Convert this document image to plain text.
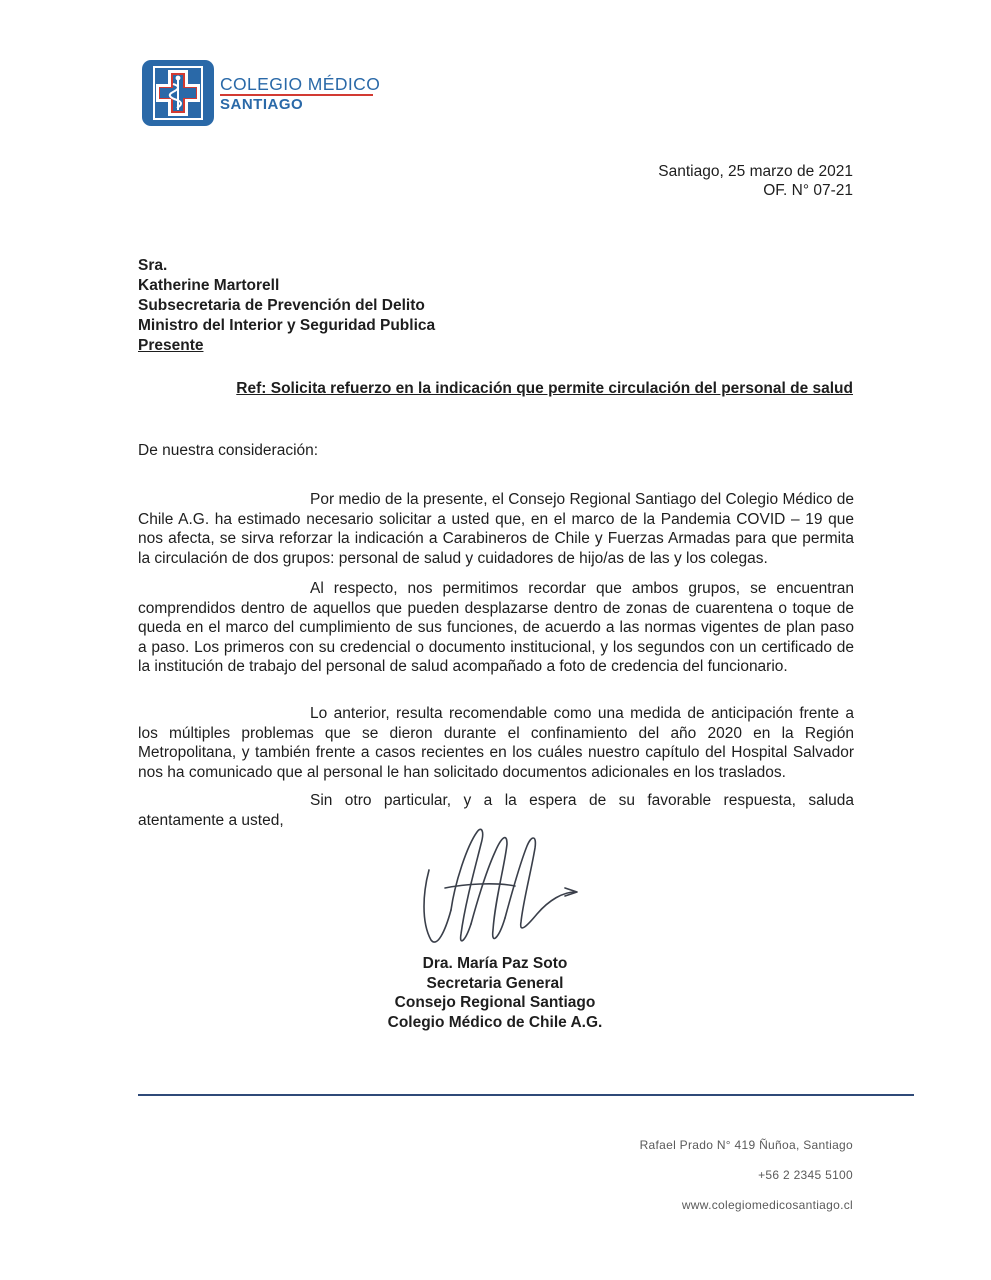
COLEGIO MÉDICO
SANTIAGO
Santiago, 25 marzo de 2021
OF. N° 07-21
Sra.
Katherine Martorell
Subsecretaria de Prevención del Delito
Ministro del Interior y Seguridad Publica
Presente
Ref: Solicita refuerzo en la indicación que permite circulación del personal de salud
De nuestra consideración:
Por medio de la presente, el Consejo Regional Santiago del Colegio Médico de Chile A.G. ha estimado necesario solicitar a usted que, en el marco de la Pandemia COVID – 19 que nos afecta, se sirva reforzar la indicación a Carabineros de Chile y Fuerzas Armadas para que permita la circulación de dos grupos: personal de salud y cuidadores de hijo/as de las y los colegas.
Al respecto, nos permitimos recordar que ambos grupos, se encuentran comprendidos dentro de aquellos que pueden desplazarse dentro de zonas de cuarentena o toque de queda en el marco del cumplimiento de sus funciones, de acuerdo a las normas vigentes de plan paso a paso. Los primeros con su credencial o documento institucional, y los segundos con un certificado de la institución de trabajo del personal de salud acompañado a foto de credencia del funcionario.
Lo anterior, resulta recomendable como una medida de anticipación frente a los múltiples problemas que se dieron durante el confinamiento del año 2020 en la Región Metropolitana, y también frente a casos recientes en los cuáles nuestro capítulo del Hospital Salvador nos ha comunicado que al personal le han solicitado documentos adicionales en los traslados.
Sin otro particular, y a la espera de su favorable respuesta, saluda atentamente a usted,
Dra. María Paz Soto
Secretaria General
Consejo Regional Santiago
Colegio Médico de Chile A.G.
Rafael Prado N° 419 Ñuñoa, Santiago
+56 2 2345 5100
www.colegiomedicosantiago.cl
